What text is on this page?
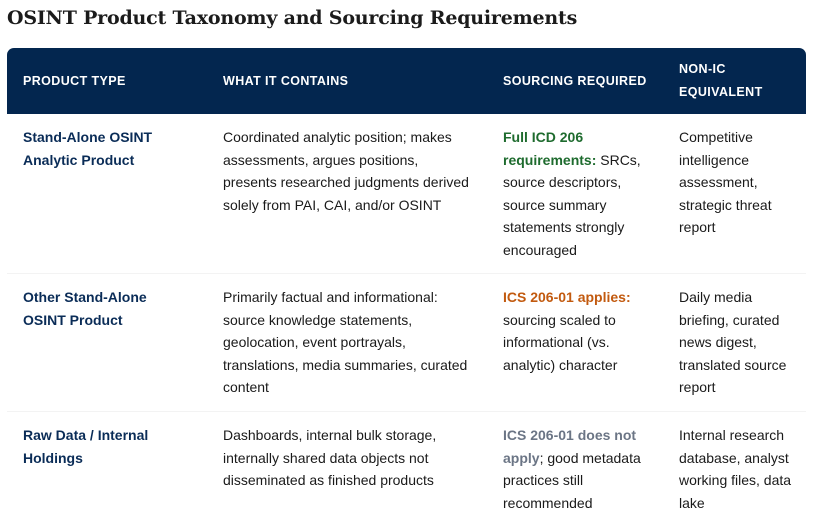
OSINT Product Taxonomy and Sourcing Requirements
PRODUCT TYPE	WHAT IT CONTAINS	SOURCING REQUIRED
NON-IC EQUIVALENT
Stand-Alone OSINT Analytic Product
Coordinated analytic position; makes assessments, argues positions, presents researched judgments derived solely from PAI, CAI, and/or OSINT
Full ICD 206 requirements: SRCs, source descriptors, source summary statements strongly encouraged
Competitive intelligence assessment, strategic threat report
Other Stand-Alone OSINT Product
Primarily factual and informational: source knowledge statements, geolocation, event portrayals, translations, media summaries, curated content
ICS 206-01 applies: sourcing scaled to informational (vs. analytic) character
Daily media briefing, curated news digest, translated source report
Raw Data / Internal Holdings
Dashboards, internal bulk storage, internally shared data objects not disseminated as finished products
ICS 206-01 does not apply; good metadata practices still recommended
Internal research database, analyst working files, data lake
